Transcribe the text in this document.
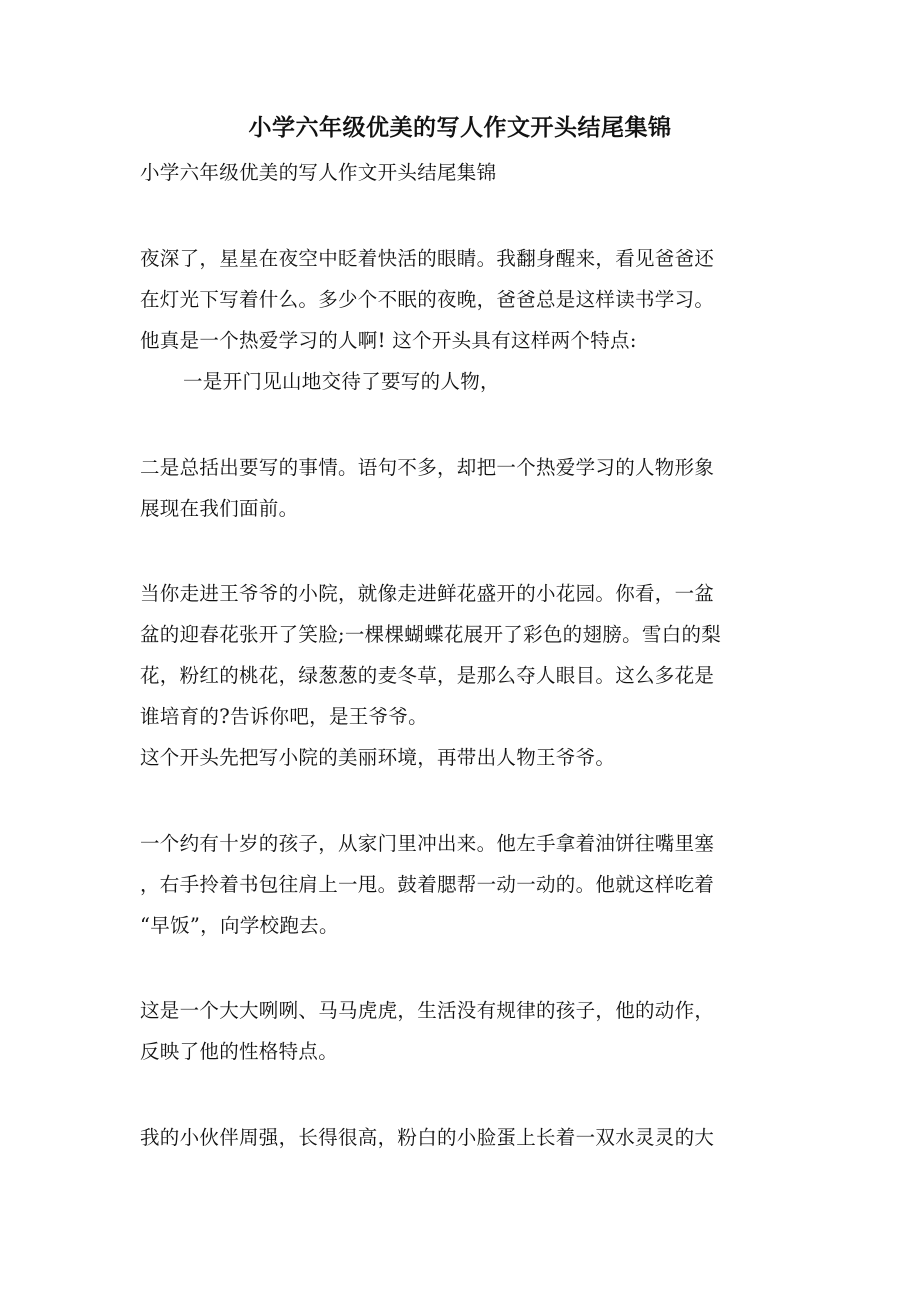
小学六年级优美的写人作文开头结尾集锦
小学六年级优美的写人作文开头结尾集锦
夜深了，星星在夜空中眨着快活的眼睛。我翻身醒来，看见爸爸还
在灯光下写着什么。多少个不眠的夜晚，爸爸总是这样读书学习。
他真是一个热爱学习的人啊! 这个开头具有这样两个特点:
一是开门见山地交待了要写的人物，
二是总括出要写的事情。语句不多，却把一个热爱学习的人物形象
展现在我们面前。
当你走进王爷爷的小院，就像走进鲜花盛开的小花园。你看，一盆
盆的迎春花张开了笑脸;一棵棵蝴蝶花展开了彩色的翅膀。雪白的梨
花，粉红的桃花，绿葱葱的麦冬草，是那么夺人眼目。这么多花是
谁培育的?告诉你吧，是王爷爷。
这个开头先把写小院的美丽环境，再带出人物王爷爷。
一个约有十岁的孩子，从家门里冲出来。他左手拿着油饼往嘴里塞
，右手拎着书包往肩上一甩。鼓着腮帮一动一动的。他就这样吃着
“早饭”，向学校跑去。
这是一个大大咧咧、马马虎虎，生活没有规律的孩子，他的动作，
反映了他的性格特点。
我的小伙伴周强，长得很高，粉白的小脸蛋上长着一双水灵灵的大
